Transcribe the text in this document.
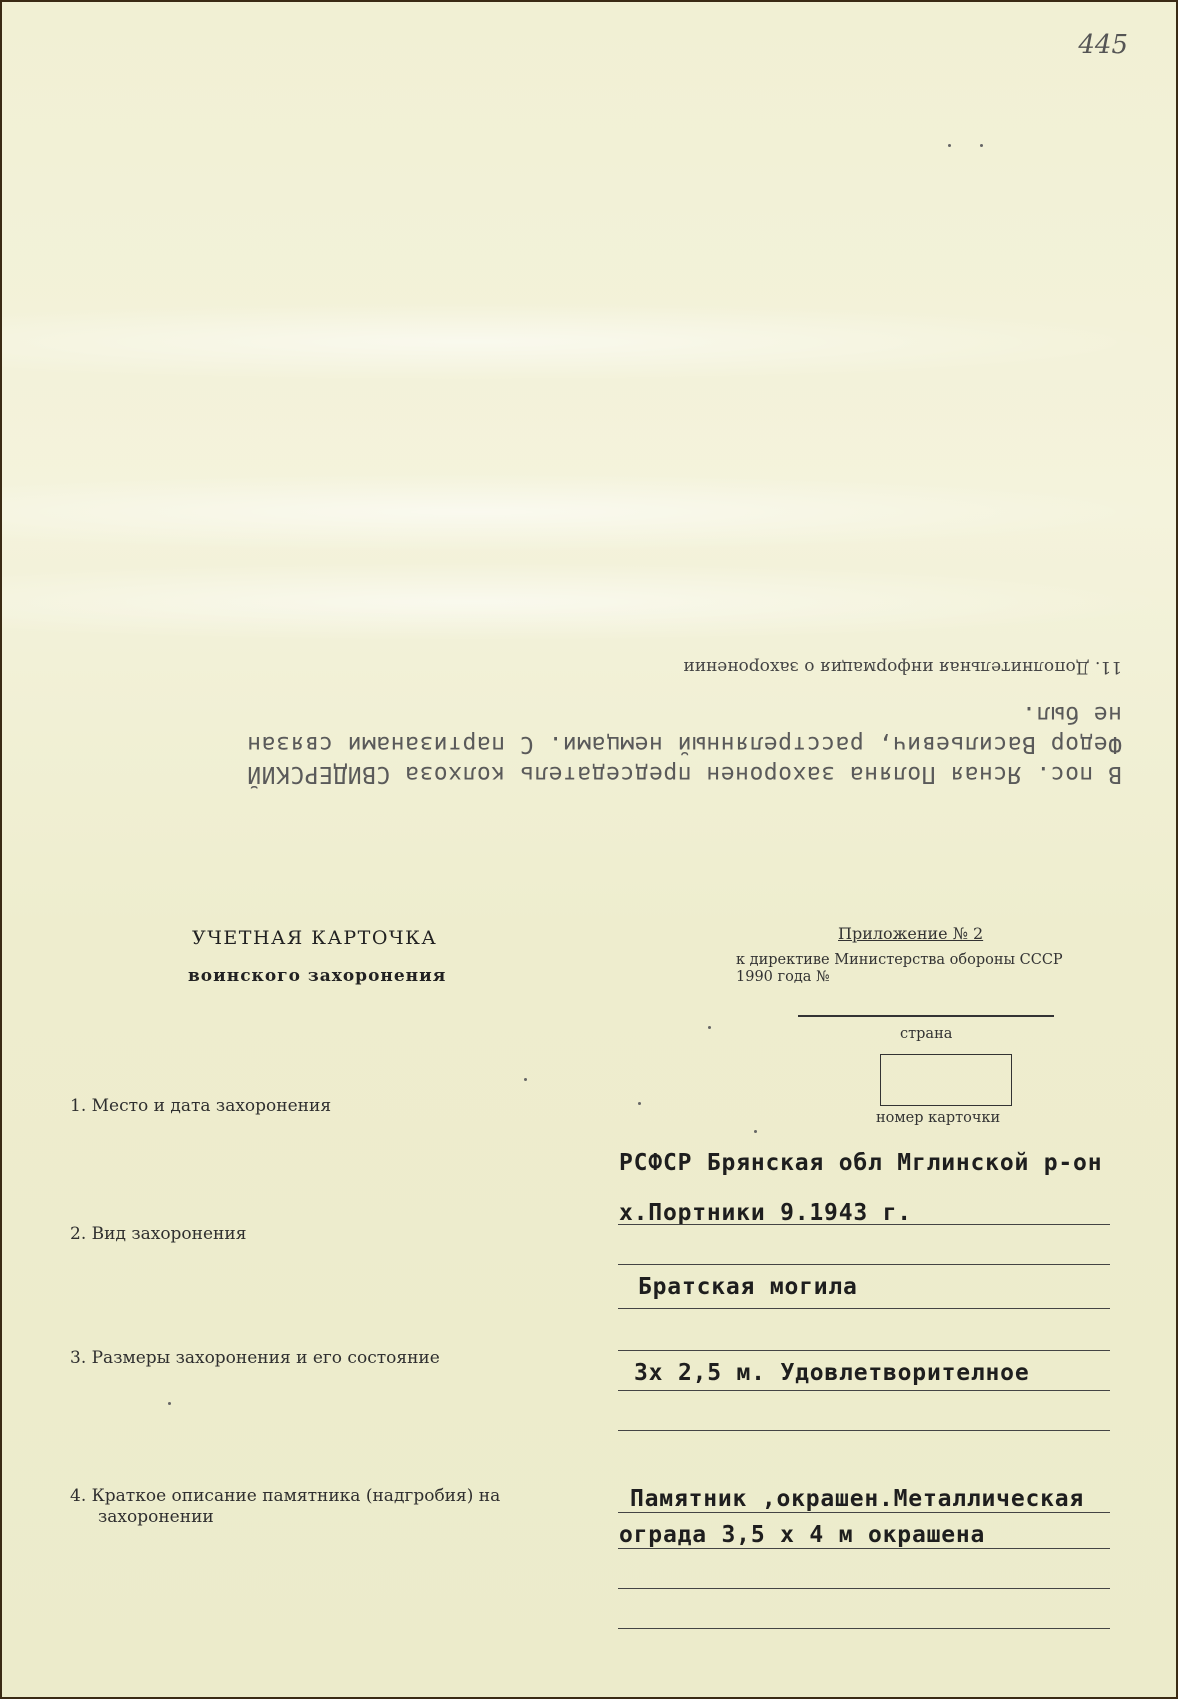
445
В пос. Ясная Поляна захоронен председатель колхоза СВИДЕРСКИЙ
Федор Васильевич, расстрелянный немцами. С партизанами связан
не был.
11. Дополнительная информация о захоронении
УЧЕТНАЯ КАРТОЧКА
воинского захоронения
Приложение № 2
к директиве Министерства обороны СССР
1990 года №
страна
номер карточки
1. Место и дата захоронения
РСФСР Брянская обл Мглинской р-он
х.Портники 9.1943 г.
2. Вид захоронения
Братская могила
3. Размеры захоронения и его состояние
3х 2,5 м. Удовлетворителное
4. Краткое описание памятника (надгробия) на
захоронении
Памятник ,окрашен.Металлическая
ограда 3,5 х 4 м окрашена
